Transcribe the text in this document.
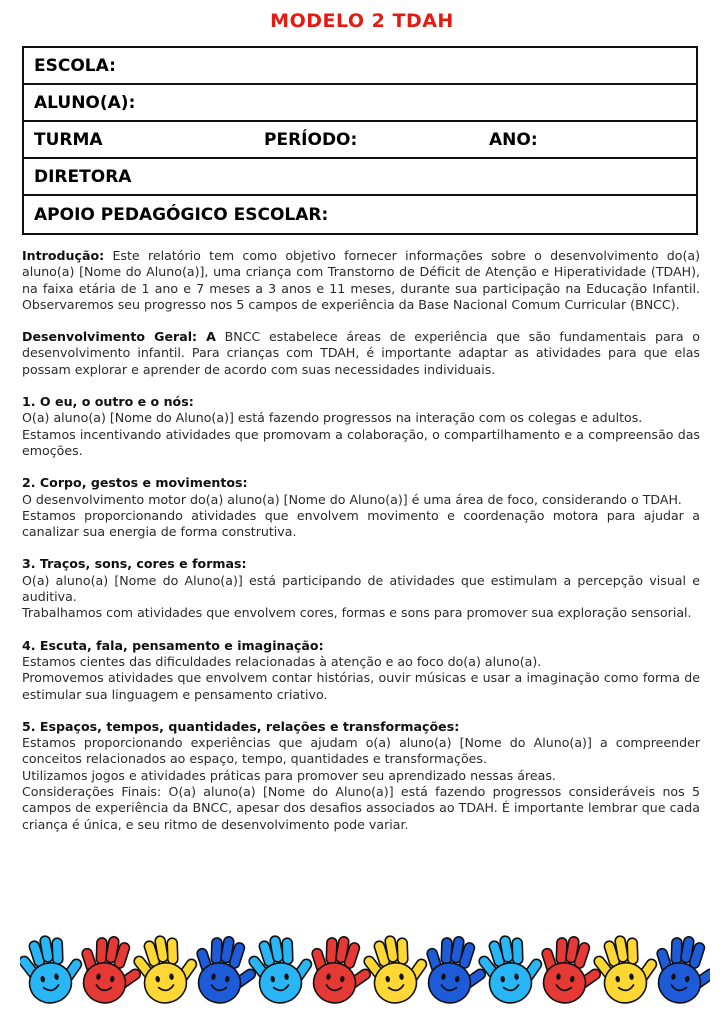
MODELO 2 TDAH
ESCOLA:
ALUNO(A):
TURMA	PERÍODO:	ANO:
DIRETORA
APOIO PEDAGÓGICO ESCOLAR:

Introdução: Este relatório tem como objetivo fornecer informações sobre o desenvolvimento do(a) aluno(a) [Nome do Aluno(a)], uma criança com Transtorno de Déficit de Atenção e Hiperatividade (TDAH), na faixa etária de 1 ano e 7 meses a 3 anos e 11 meses, durante sua participação na Educação Infantil. Observaremos seu progresso nos 5 campos de experiência da Base Nacional Comum Curricular (BNCC).

Desenvolvimento Geral: A BNCC estabelece áreas de experiência que são fundamentais para o desenvolvimento infantil. Para crianças com TDAH, é importante adaptar as atividades para que elas possam explorar e aprender de acordo com suas necessidades individuais.

1. O eu, o outro e o nós:

O(a) aluno(a) [Nome do Aluno(a)] está fazendo progressos na interação com os colegas e adultos.

Estamos incentivando atividades que promovam a colaboração, o compartilhamento e a compreensão das emoções.

2. Corpo, gestos e movimentos:

O desenvolvimento motor do(a) aluno(a) [Nome do Aluno(a)] é uma área de foco, considerando o TDAH.

Estamos proporcionando atividades que envolvem movimento e coordenação motora para ajudar a canalizar sua energia de forma construtiva.

3. Traços, sons, cores e formas:

O(a) aluno(a) [Nome do Aluno(a)] está participando de atividades que estimulam a percepção visual e auditiva.

Trabalhamos com atividades que envolvem cores, formas e sons para promover sua exploração sensorial.

4. Escuta, fala, pensamento e imaginação:

Estamos cientes das dificuldades relacionadas à atenção e ao foco do(a) aluno(a).

Promovemos atividades que envolvem contar histórias, ouvir músicas e usar a imaginação como forma de estimular sua linguagem e pensamento criativo.

5. Espaços, tempos, quantidades, relações e transformações:

Estamos proporcionando experiências que ajudam o(a) aluno(a) [Nome do Aluno(a)] a compreender conceitos relacionados ao espaço, tempo, quantidades e transformações.

Utilizamos jogos e atividades práticas para promover seu aprendizado nessas áreas.

Considerações Finais: O(a) aluno(a) [Nome do Aluno(a)] está fazendo progressos consideráveis nos 5 campos de experiência da BNCC, apesar dos desafios associados ao TDAH. É importante lembrar que cada criança é única, e seu ritmo de desenvolvimento pode variar.
